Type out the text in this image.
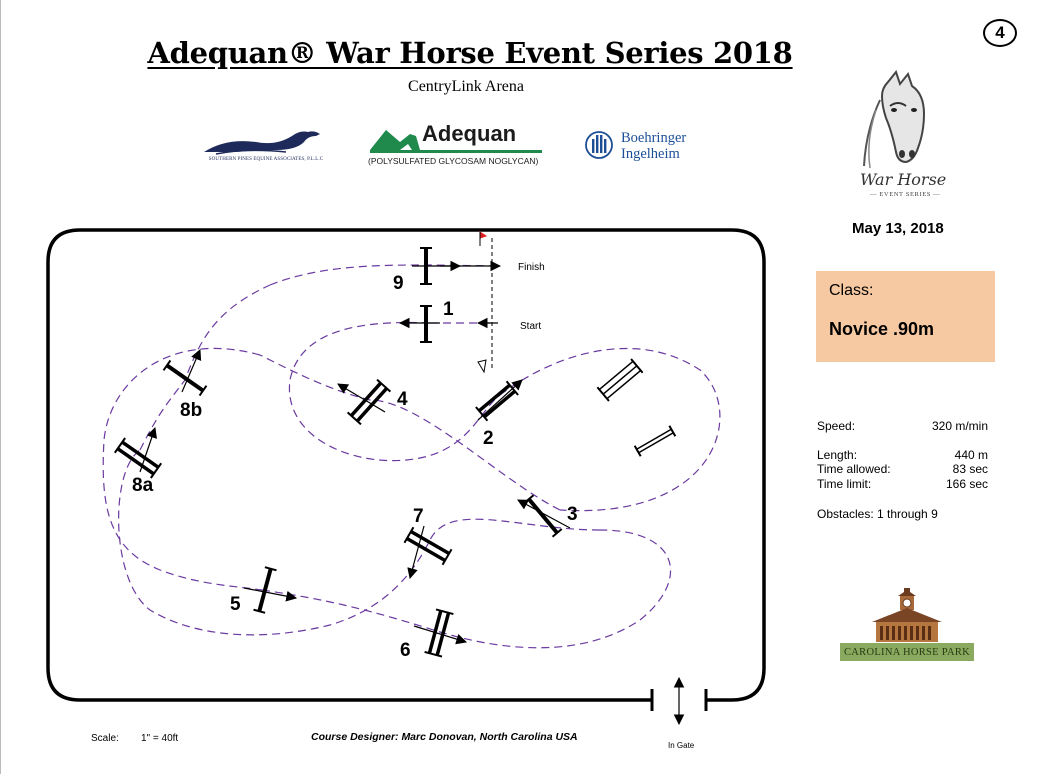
4
Adequan® War Horse Event Series 2018
CentryLink Arena
SOUTHERN PINES EQUINE ASSOCIATES, P.L.L.C
Adequan
(POLYSULFATED GLYCOSAM NOGLYCAN)
Boehringer
Ingelheim
War Horse
— EVENT SERIES —
May 13, 2018
Class:
Novice .90m
Speed:	320 m/min
Length:	440 m
Time allowed:	83 sec
Time limit:	166 sec
Obstacles: 1 through 9
CAROLINA HORSE PARK
In Gate
Finish
Start
1
2
3
4
5
6
7
8a
8b
9
Scale: 1" = 40ft	Course Designer: Marc Donovan, North Carolina USA
